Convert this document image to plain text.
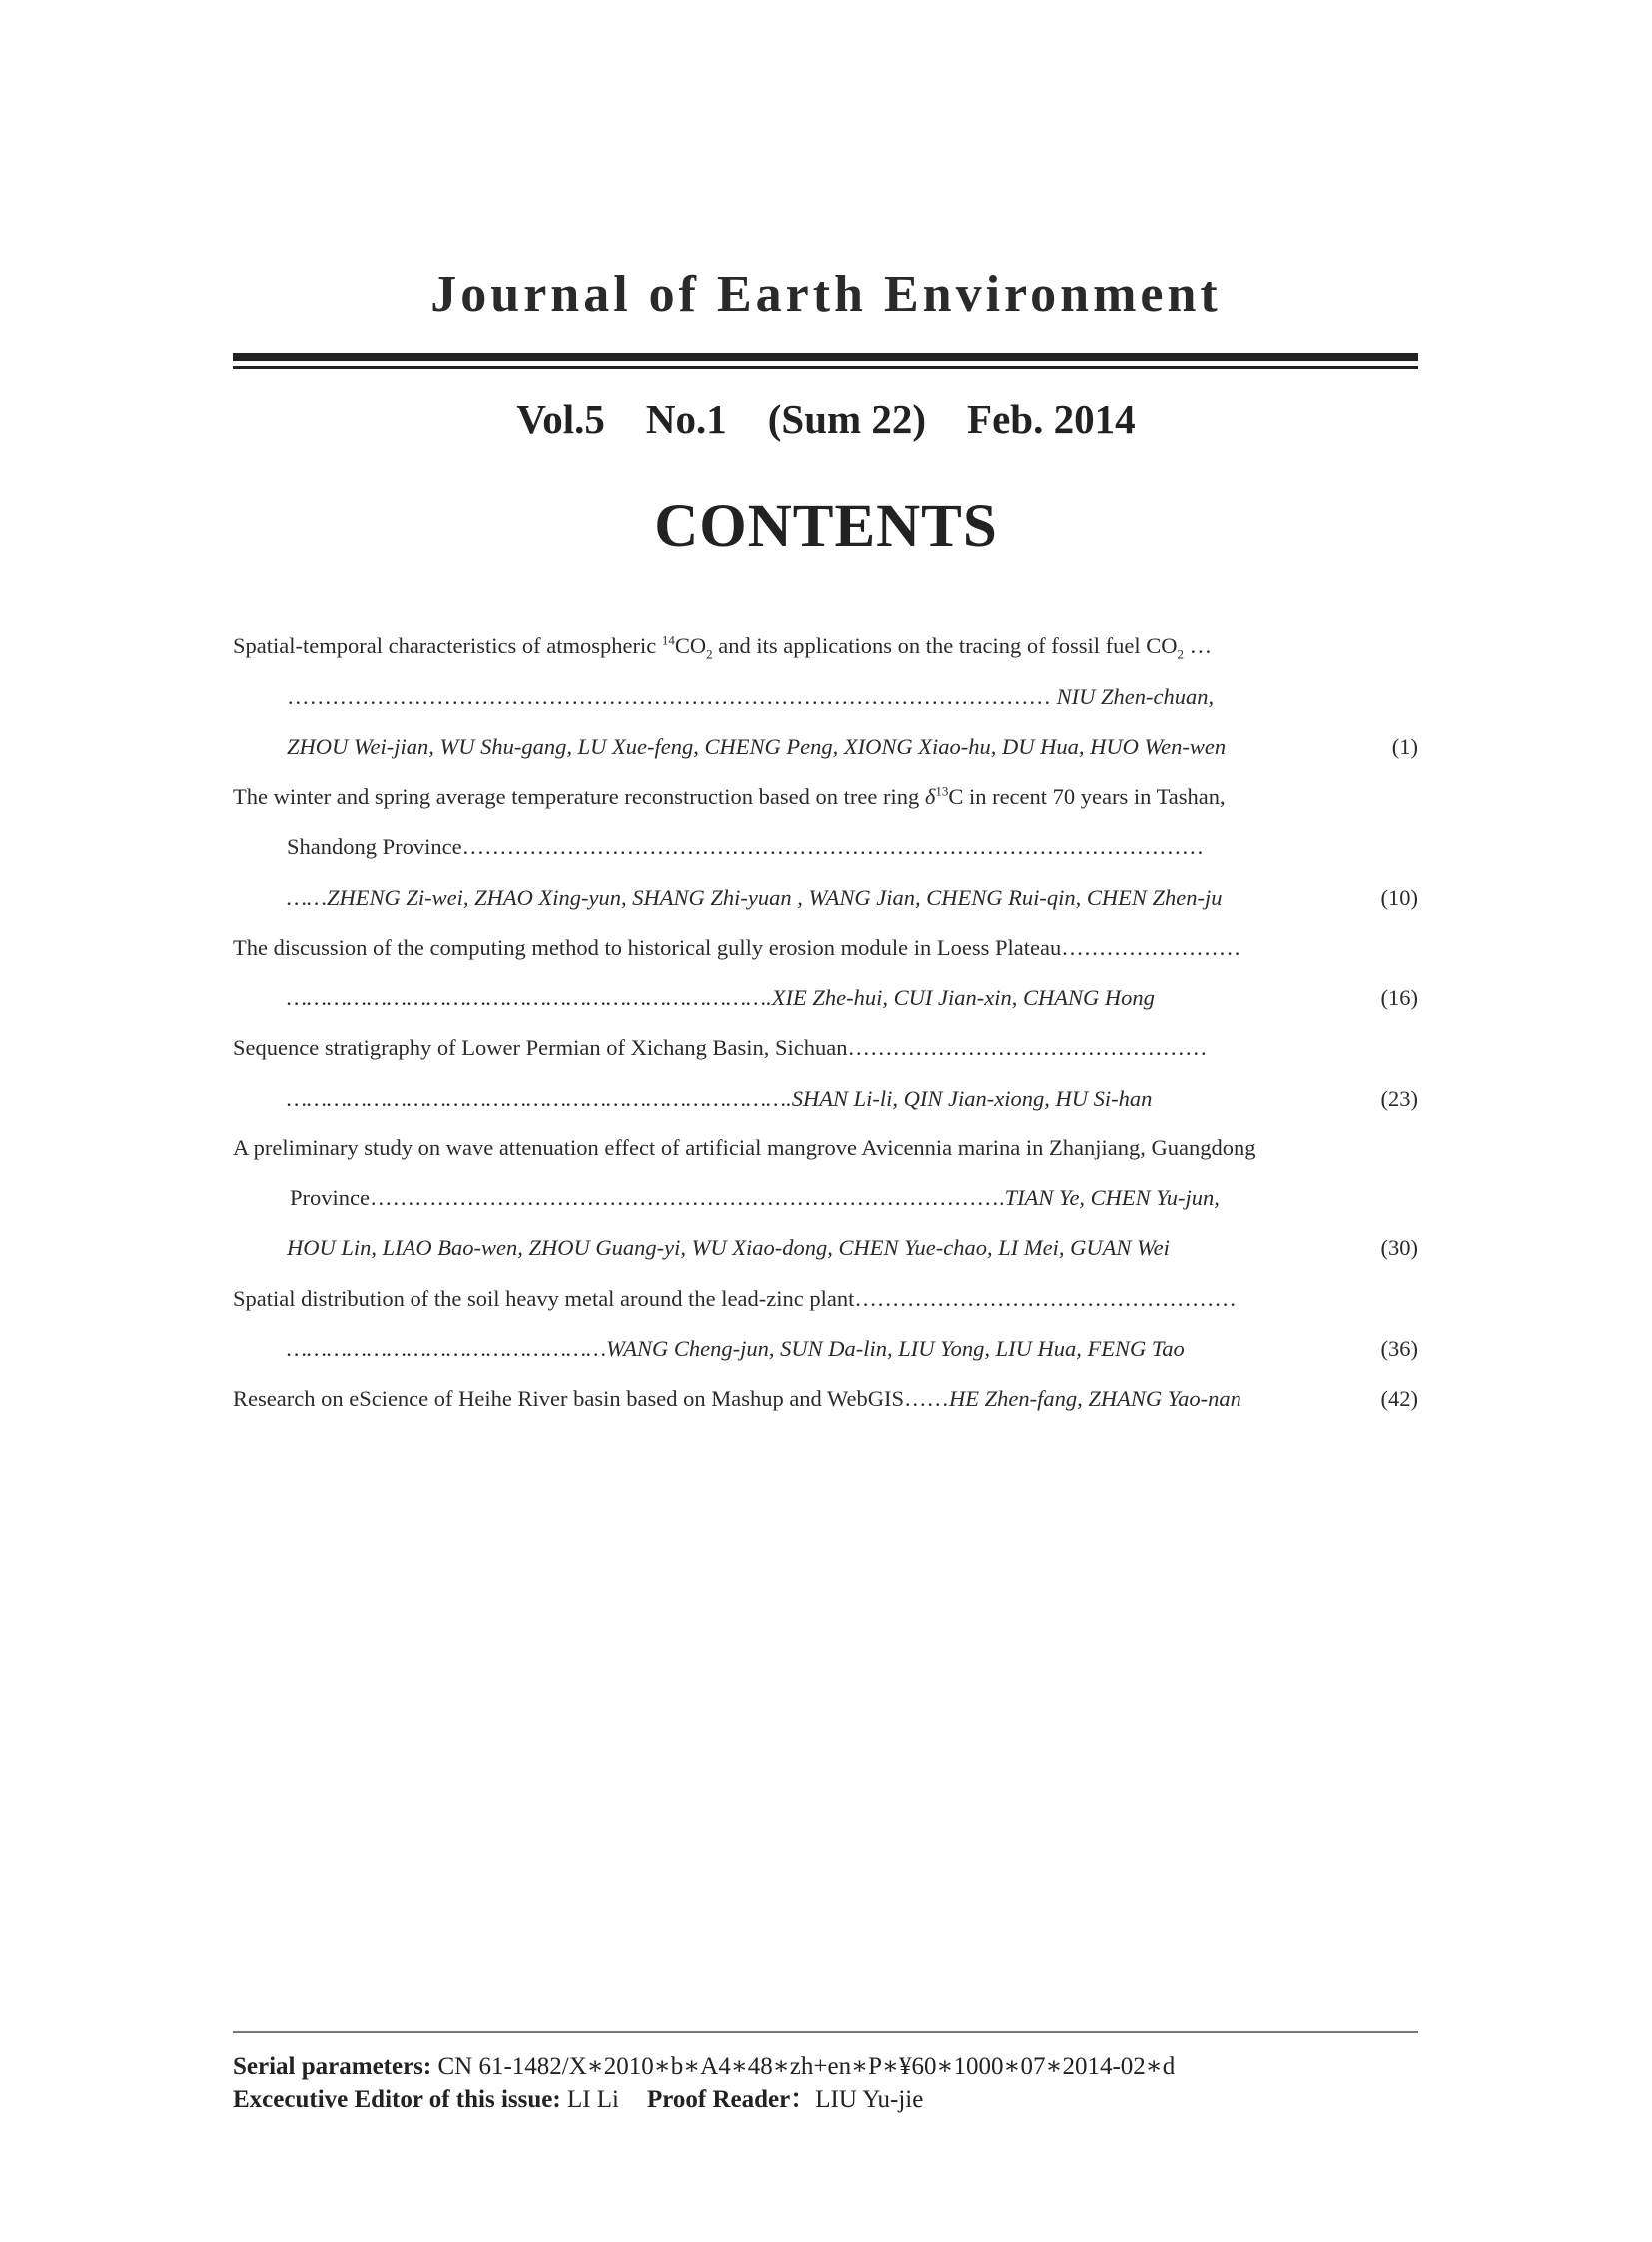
Journal of Earth Environment
Vol.5    No.1    (Sum 22)    Feb. 2014
CONTENTS
Spatial-temporal characteristics of atmospheric $^{14}CO_2$ and its applications on the tracing of fossil fuel $CO_2$ …
………………………………………………………………………………………… NIU Zhen-chuan,
ZHOU Wei-jian, WU Shu-gang, LU Xue-feng, CHENG Peng, XIONG Xiao-hu, DU Hua, HUO Wen-wen	(1)
The winter and spring average temperature reconstruction based on tree ring $\delta^{13}C$ in recent 70 years in Tashan,
Shandong Province………………………………………………………………………………………
……ZHENG Zi-wei, ZHAO Xing-yun, SHANG Zhi-yuan , WANG Jian, CHENG Rui-qin, CHEN Zhen-ju	(10)
The discussion of the computing method to historical gully erosion module in Loess Plateau……………………
……………………………………………………………….XIE Zhe-hui, CUI Jian-xin, CHANG Hong	(16)
Sequence stratigraphy of Lower Permian of Xichang Basin, Sichuan…………………………………………
………………………………………………………………….SHAN Li-li, QIN Jian-xiong, HU Si-han	(23)
A preliminary study on wave attenuation effect of artificial mangrove Avicennia marina in Zhanjiang, Guangdong
Province………………………………………………………………………….TIAN Ye, CHEN Yu-jun,
HOU Lin, LIAO Bao-wen, ZHOU Guang-yi, WU Xiao-dong, CHEN Yue-chao, LI Mei, GUAN Wei	(30)
Spatial distribution of the soil heavy metal around the lead-zinc plant……………………………………………
…………………………………………WANG Cheng-jun, SUN Da-lin, LIU Yong, LIU Hua, FENG Tao	(36)
Research on eScience of Heihe River basin based on Mashup and WebGIS……HE Zhen-fang, ZHANG Yao-nan	(42)
Serial parameters: CN 61-1482/X∗2010∗b∗A4∗48∗zh+en∗P∗¥60∗1000∗07∗2014-02∗d
Excecutive Editor of this issue: LI Li Proof Reader：LIU Yu-jie
